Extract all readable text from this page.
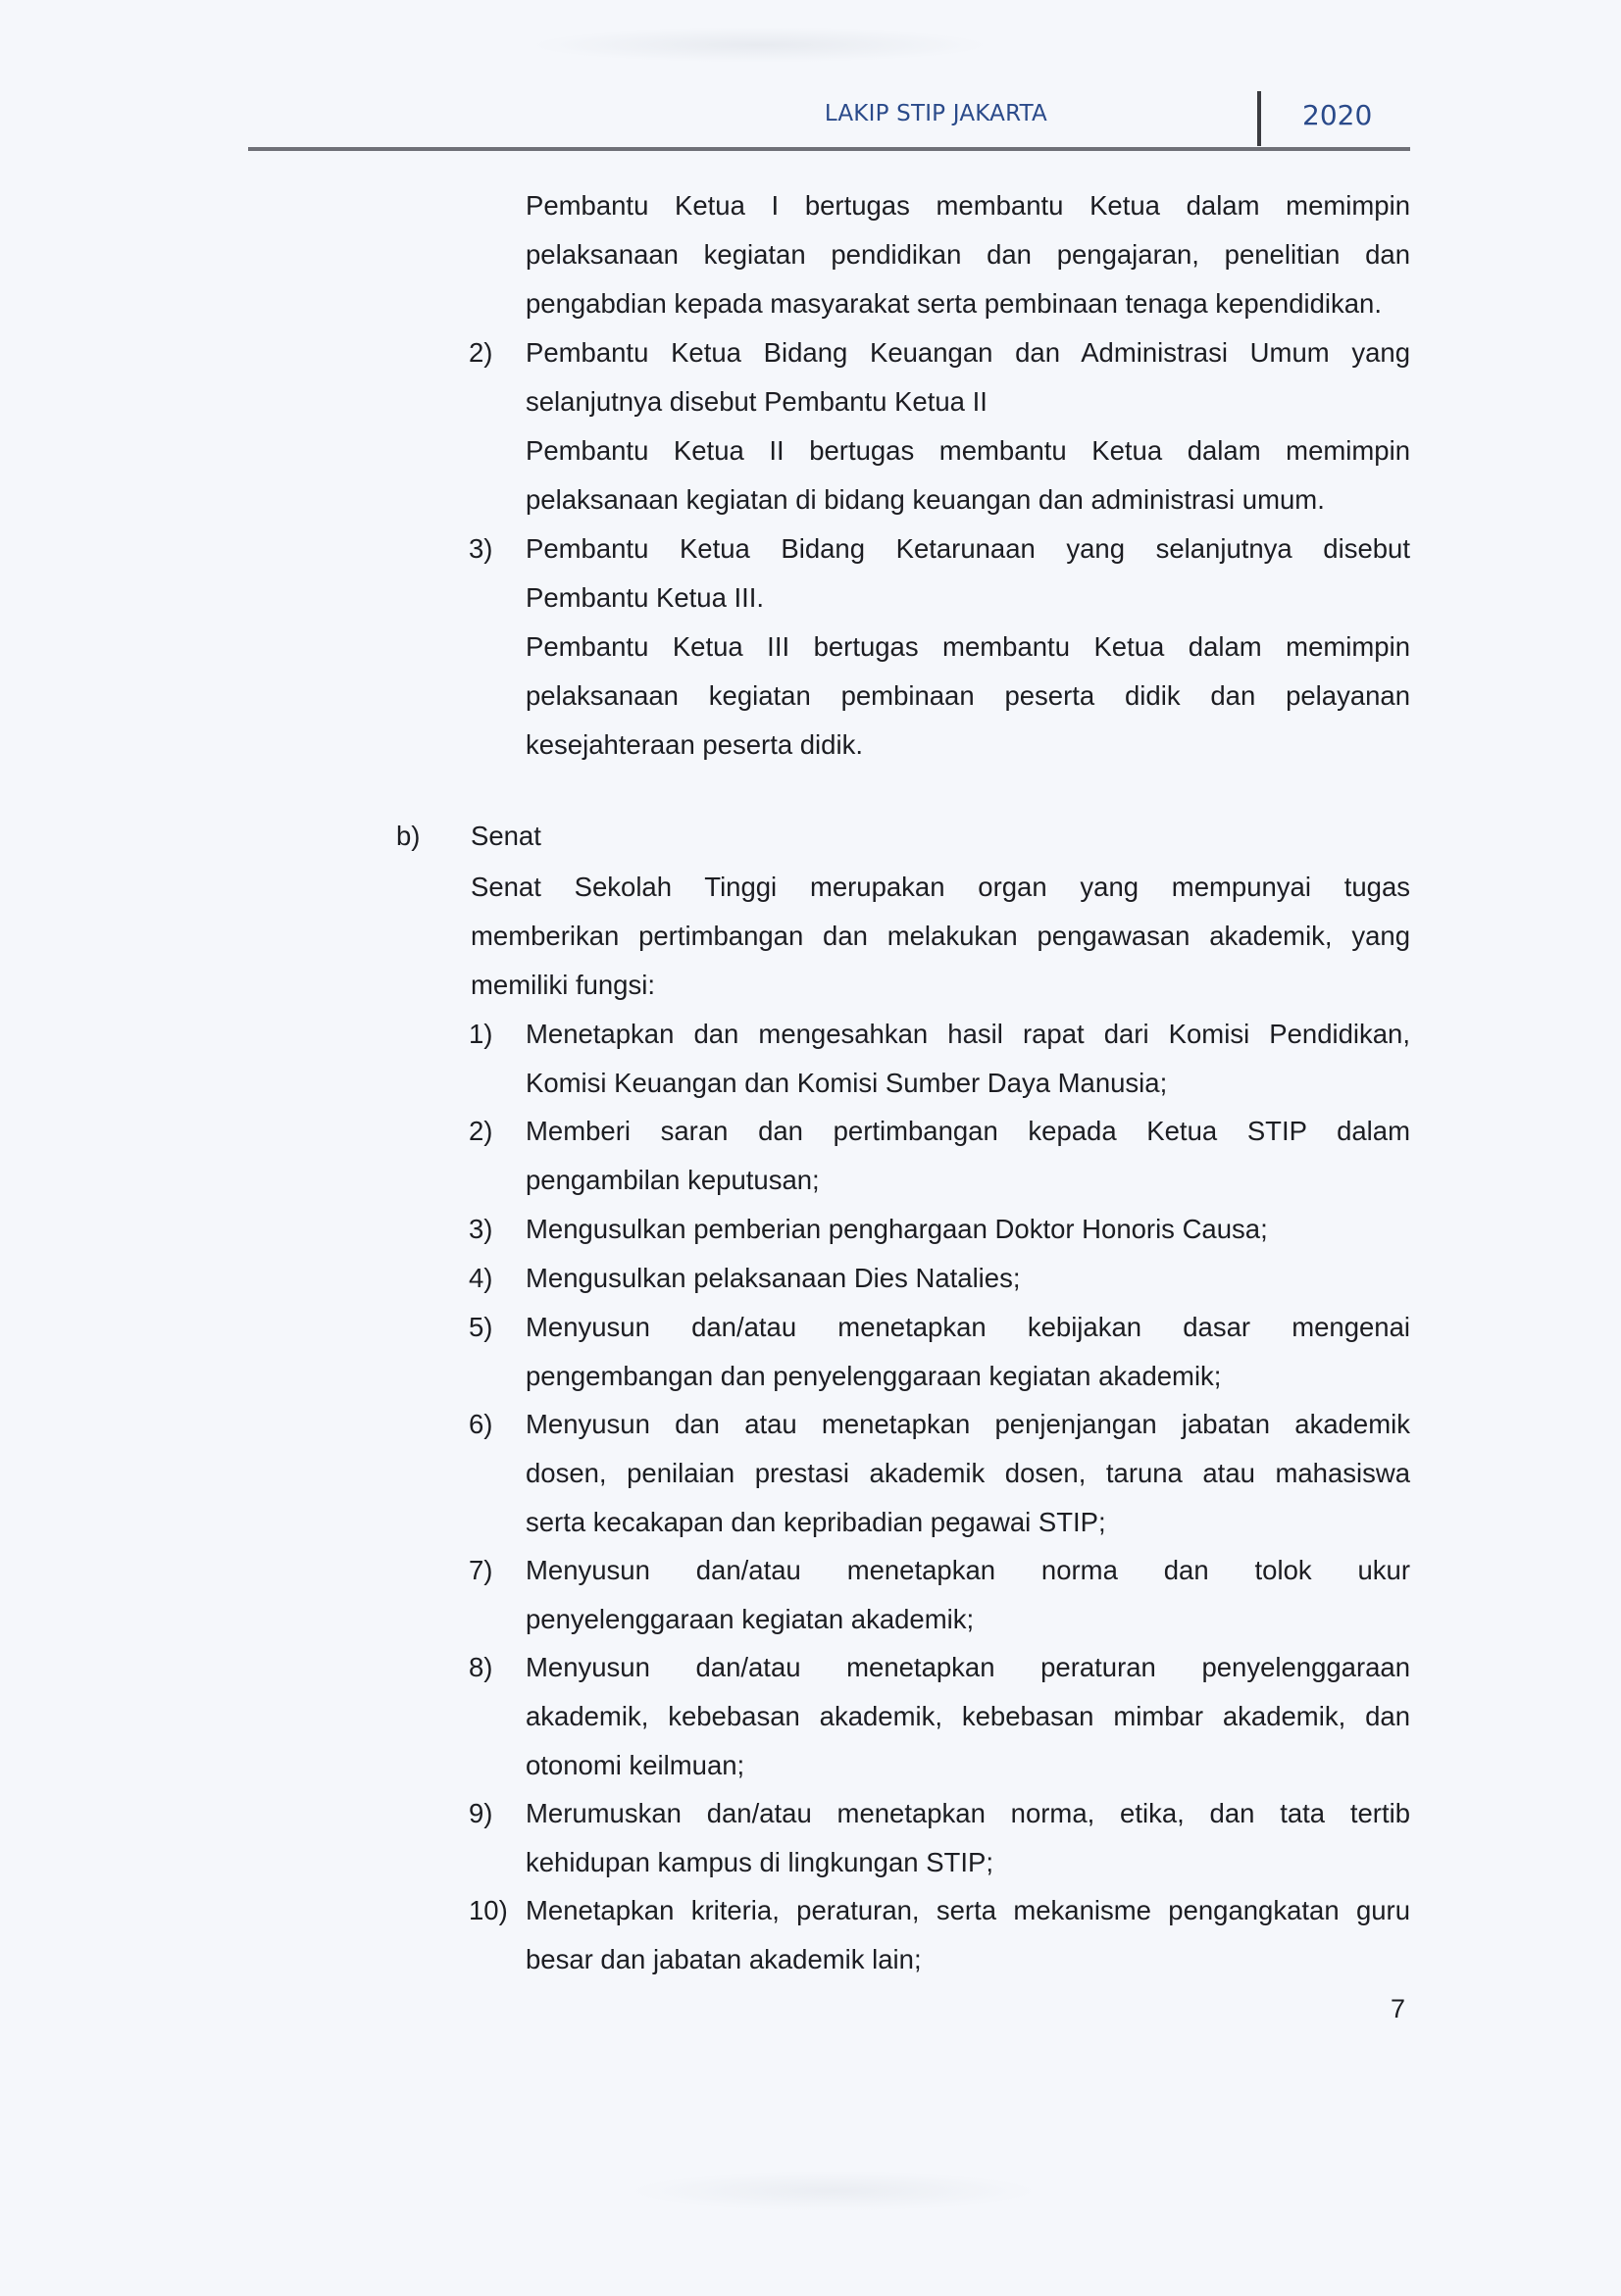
LAKIP STIP JAKARTA	2020
Pembantu Ketua I bertugas membantu Ketua dalam memimpin
pelaksanaan kegiatan pendidikan dan pengajaran, penelitian dan
pengabdian kepada masyarakat serta pembinaan tenaga kependidikan.
2) Pembantu Ketua Bidang Keuangan dan Administrasi Umum yang
selanjutnya disebut Pembantu Ketua II
Pembantu Ketua II bertugas membantu Ketua dalam memimpin
pelaksanaan kegiatan di bidang keuangan dan administrasi umum.
3) Pembantu Ketua Bidang Ketarunaan yang selanjutnya disebut
Pembantu Ketua III.
Pembantu Ketua III bertugas membantu Ketua dalam memimpin
pelaksanaan kegiatan pembinaan peserta didik dan pelayanan
kesejahteraan peserta didik.
b) Senat
Senat Sekolah Tinggi merupakan organ yang mempunyai tugas
memberikan pertimbangan dan melakukan pengawasan akademik, yang
memiliki fungsi:
1) Menetapkan dan mengesahkan hasil rapat dari Komisi Pendidikan,
Komisi Keuangan dan Komisi Sumber Daya Manusia;
2) Memberi saran dan pertimbangan kepada Ketua STIP dalam
pengambilan keputusan;
3) Mengusulkan pemberian penghargaan Doktor Honoris Causa;
4) Mengusulkan pelaksanaan Dies Natalies;
5) Menyusun dan/atau menetapkan kebijakan dasar mengenai
pengembangan dan penyelenggaraan kegiatan akademik;
6) Menyusun dan atau menetapkan penjenjangan jabatan akademik
dosen, penilaian prestasi akademik dosen, taruna atau mahasiswa
serta kecakapan dan kepribadian pegawai STIP;
7) Menyusun dan/atau menetapkan norma dan tolok ukur
penyelenggaraan kegiatan akademik;
8) Menyusun dan/atau menetapkan peraturan penyelenggaraan
akademik, kebebasan akademik, kebebasan mimbar akademik, dan
otonomi keilmuan;
9) Merumuskan dan/atau menetapkan norma, etika, dan tata tertib
kehidupan kampus di lingkungan STIP;
10) Menetapkan kriteria, peraturan, serta mekanisme pengangkatan guru
besar dan jabatan akademik lain;
7
